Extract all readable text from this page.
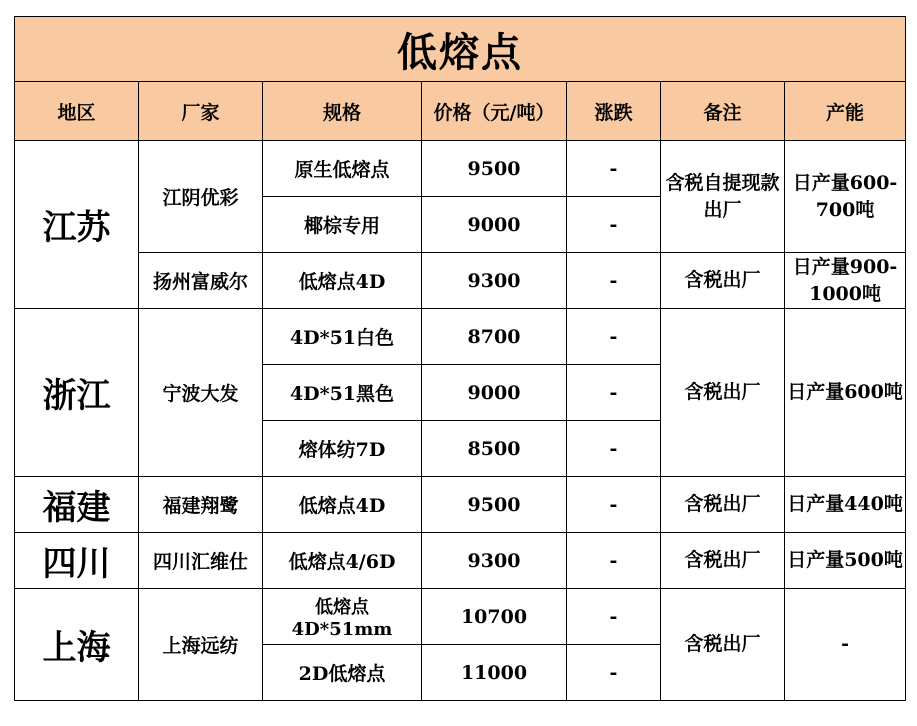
低熔点						
地区	厂家	规格	价格（元/吨）	涨跌	备注	产能
江苏	江阴优彩	原生低熔点	9500	-	含税自提现款出厂	日产量600-700吨
		椰棕专用	9000	-		
	扬州富威尔	低熔点4D	9300	-	含税出厂	日产量900-1000吨
浙江	宁波大发	4D*51白色	8700	-	含税出厂	日产量600吨
		4D*51黑色	9000	-		
		熔体纺7D	8500	-		
福建	福建翔鹭	低熔点4D	9500	-	含税出厂	日产量440吨
四川	四川汇维仕	低熔点4/6D	9300	-	含税出厂	日产量500吨
上海	上海远纺	低熔点4D*51mm	10700	-	含税出厂	-
		2D低熔点	11000	-		
